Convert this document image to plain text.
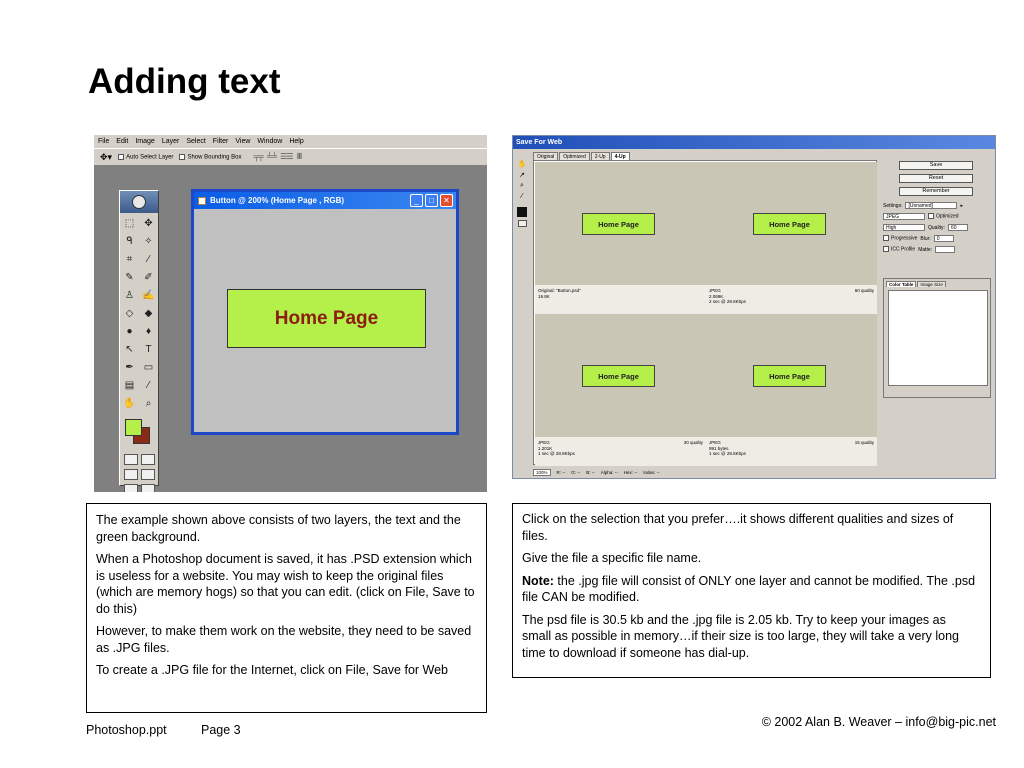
Adding text
File Edit Image Layer Select Filter View Window Help
✥▾	Auto Select Layer	Show Bounding Box ╤╤ ╧╧ ☰☰ ⫴⫴
⬚	✥
ᑫ	✧
⌗	∕
✎	✐
♙ ✍
◇	◆
●	♦
↖	T
✒	▭
▤	⁄
✋ ⌕
Button @ 200% (Home Page , RGB)	_	□	✕
Home Page
Save For Web
✋
↗
⌕
⁄
Original	Optimized	2-Up	4-Up
Home Page
Original: "Button.psd"
19.8K
Home Page
JPEG
2.069K
2 sec @ 28.8Kbps
60 quality
Home Page
JPEG
1.201K
1 sec @ 28.8Kbps
30 quality
Home Page
JPEG
991 bytes
1 sec @ 28.8Kbps
15 quality
100%	R: -- G: -- B: -- Alpha: -- Hex: -- Index: --
Save
Reset
Remember
Settings:	[Unnamed]	▸
JPEG	Optimized
High	Quality:	60
Progressive Blur:	0
ICC Profile Matte:
Color Table	Image Size

The example shown above consists of two layers, the text and the green background.

When a Photoshop document is saved, it has .PSD extension which is useless for a website. You may wish to keep the original files (which are memory hogs) so that you can edit. (click on File, Save to do this)

However, to make them work on the website, they need to be saved as .JPG files.

To create a .JPG file for the Internet, click on File, Save for Web

Click on the selection that you prefer….it shows different qualities and sizes of files.

Give the file a specific file name.

Note: the .jpg file will consist of ONLY one layer and cannot be modified. The .psd file CAN be modified.

The psd file is 30.5 kb and the .jpg file is 2.05 kb. Try to keep your images as small as possible in memory…if their size is too large, they will take a very long time to download if someone has dial-up.

Photoshop.ppt	Page 3
© 2002 Alan B. Weaver – info@big-pic.net
